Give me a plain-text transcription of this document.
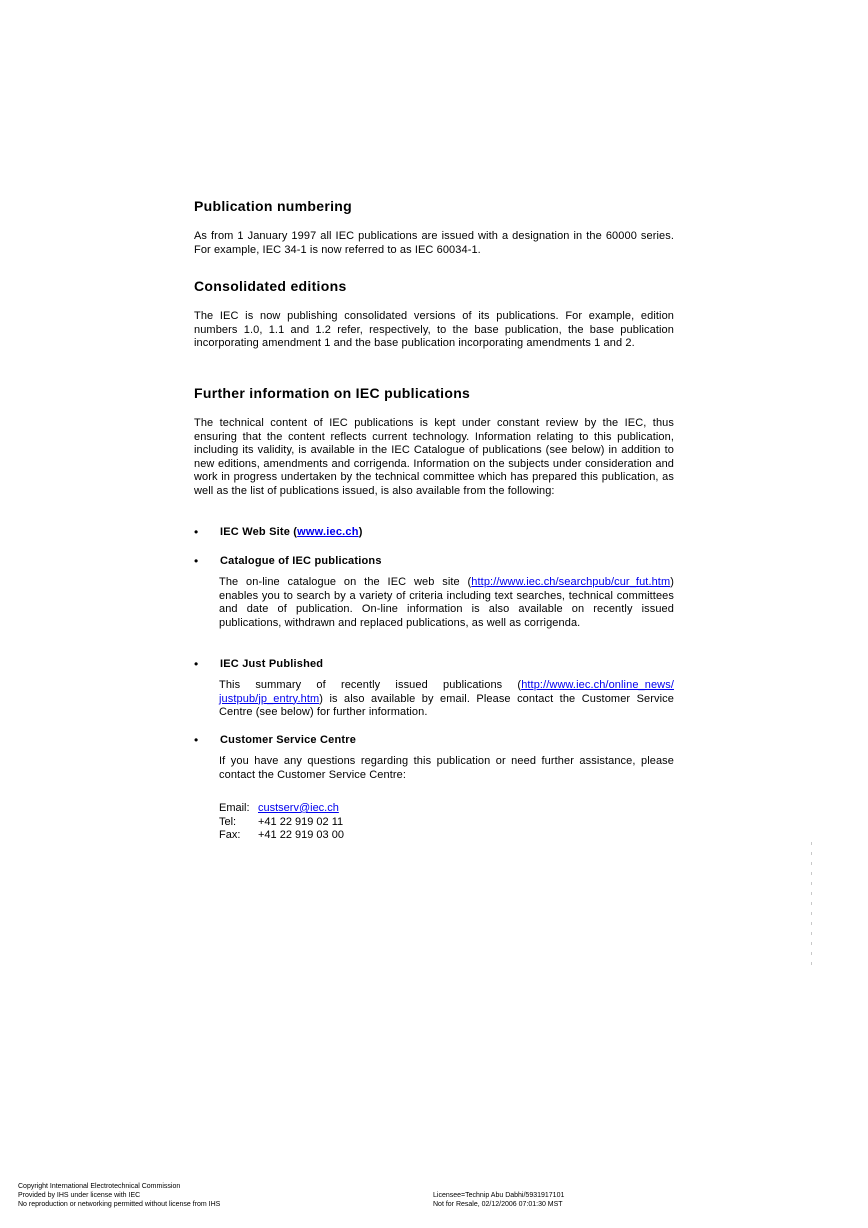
Publication numbering

As from 1 January 1997 all IEC publications are issued with a designation in the 60000 series. For example, IEC 34-1 is now referred to as IEC 60034-1.

Consolidated editions

The IEC is now publishing consolidated versions of its publications. For example, edition numbers 1.0, 1.1 and 1.2 refer, respectively, to the base publication, the base publication incorporating amendment 1 and the base publication incorporating amendments 1 and 2.

Further information on IEC publications

The technical content of IEC publications is kept under constant review by the IEC, thus ensuring that the content reflects current technology. Information relating to this publication, including its validity, is available in the IEC Catalogue of publications (see below) in addition to new editions, amendments and corrigenda. Information on the subjects under consideration and work in progress undertaken by the technical committee which has prepared this publication, as well as the list of publications issued, is also available from the following:

• IEC Web Site (www.iec.ch)

• Catalogue of IEC publications

The on-line catalogue on the IEC web site (http://www.iec.ch/searchpub/cur_fut.htm) enables you to search by a variety of criteria including text searches, technical committees and date of publication. On-line information is also available on recently issued publications, withdrawn and replaced publications, as well as corrigenda.

• IEC Just Published

This summary of recently issued publications (http://www.iec.ch/online_news/ justpub/jp_entry.htm) is also available by email. Please contact the Customer Service Centre (see below) for further information.

• Customer Service Centre

If you have any questions regarding this publication or need further assistance, please contact the Customer Service Centre:

Email: custserv@iec.ch
Tel: +41 22 919 02 11
Fax: +41 22 919 03 00
Copyright International Electrotechnical Commission
Provided by IHS under license with IEC
No reproduction or networking permitted without license from IHS
Licensee=Technip Abu Dabhi/5931917101
Not for Resale, 02/12/2006 07:01:30 MST
